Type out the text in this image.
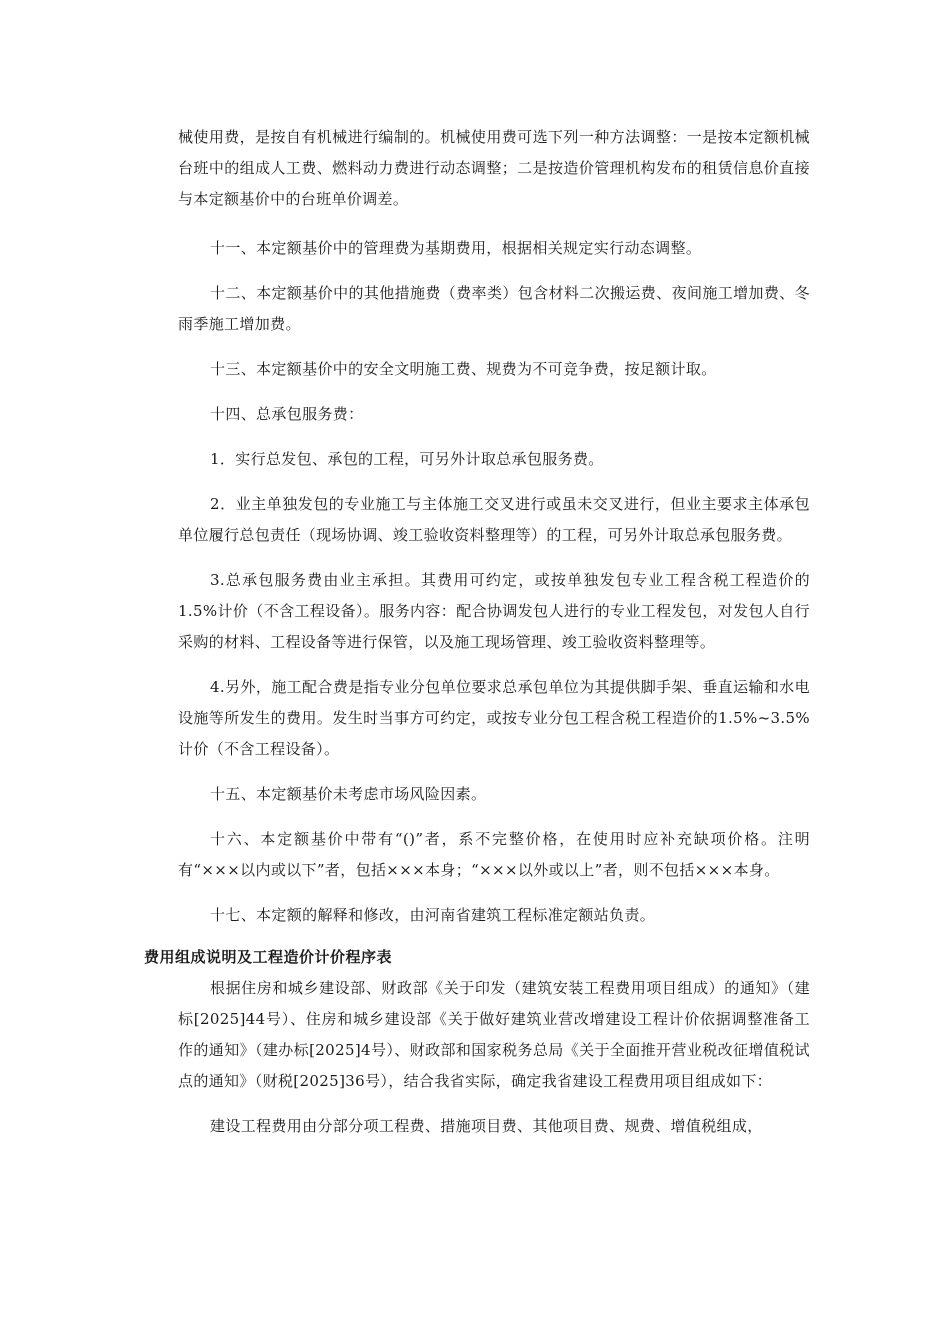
械使用费，是按自有机械进行编制的。机械使用费可选下列一种方法调整：一是按本定额机械台班中的组成人工费、燃料动力费进行动态调整；二是按造价管理机构发布的租赁信息价直接与本定额基价中的台班单价调差。

十一、本定额基价中的管理费为基期费用，根据相关规定实行动态调整。

十二、本定额基价中的其他措施费（费率类）包含材料二次搬运费、夜间施工增加费、冬雨季施工增加费。

十三、本定额基价中的安全文明施工费、规费为不可竞争费，按足额计取。

十四、总承包服务费：

1．实行总发包、承包的工程，可另外计取总承包服务费。

2．业主单独发包的专业施工与主体施工交叉进行或虽未交叉进行，但业主要求主体承包单位履行总包责任（现场协调、竣工验收资料整理等）的工程，可另外计取总承包服务费。

3.总承包服务费由业主承担。其费用可约定，或按单独发包专业工程含税工程造价的1.5%计价（不含工程设备）。服务内容：配合协调发包人进行的专业工程发包，对发包人自行采购的材料、工程设备等进行保管，以及施工现场管理、竣工验收资料整理等。

4.另外，施工配合费是指专业分包单位要求总承包单位为其提供脚手架、垂直运输和水电设施等所发生的费用。发生时当事方可约定，或按专业分包工程含税工程造价的1.5%~3.5%计价（不含工程设备）。

十五、本定额基价未考虑市场风险因素。

十六、本定额基价中带有“()”者，系不完整价格，在使用时应补充缺项价格。注明有“×××以内或以下”者，包括×××本身；“×××以外或以上”者，则不包括×××本身。

十七、本定额的解释和修改，由河南省建筑工程标准定额站负责。

费用组成说明及工程造价计价程序表

根据住房和城乡建设部、财政部《关于印发（建筑安装工程费用项目组成）的通知》（建标[2025]44号）、住房和城乡建设部《关于做好建筑业营改增建设工程计价依据调整准备工作的通知》（建办标[2025]4号）、财政部和国家税务总局《关于全面推开营业税改征增值税试点的通知》（财税[2025]36号），结合我省实际，确定我省建设工程费用项目组成如下：

建设工程费用由分部分项工程费、措施项目费、其他项目费、规费、增值税组成，
